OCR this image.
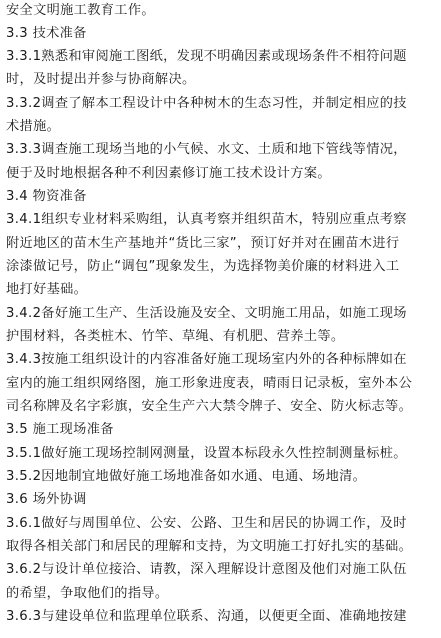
安全文明施工教育工作。
3.3 技术准备
3.3.1熟悉和审阅施工图纸，发现不明确因素或现场条件不相符问题
时，及时提出并参与协商解决。
3.3.2调查了解本工程设计中各种树木的生态习性，并制定相应的技
术措施。
3.3.3调查施工现场当地的小气候、水文、土质和地下管线等情况，
便于及时地根据各种不利因素修订施工技术设计方案。
3.4 物资准备
3.4.1组织专业材料采购组，认真考察并组织苗木，特别应重点考察
附近地区的苗木生产基地并“货比三家”，预订好并对在圃苗木进行
涂漆做记号，防止“调包”现象发生，为选择物美价廉的材料进入工
地打好基础。
3.4.2备好施工生产、生活设施及安全、文明施工用品，如施工现场
护围材料，各类桩木、竹竿、草绳、有机肥、营养土等。
3.4.3按施工组织设计的内容准备好施工现场室内外的各种标牌如在
室内的施工组织网络图，施工形象进度表，晴雨日记录板，室外本公
司名称牌及名字彩旗，安全生产六大禁令牌子、安全、防火标志等。
3.5 施工现场准备
3.5.1做好施工现场控制网测量，设置本标段永久性控制测量标桩。
3.5.2因地制宜地做好施工场地准备如水通、电通、场地清。
3.6 场外协调
3.6.1做好与周围单位、公安、公路、卫生和居民的协调工作，及时
取得各相关部门和居民的理解和支持，为文明施工打好扎实的基础。
3.6.2与设计单位接洽、请教，深入理解设计意图及他们对施工队伍
的希望，争取他们的指导。
3.6.3与建设单位和监理单位联系、沟通，以便更全面、准确地按建
